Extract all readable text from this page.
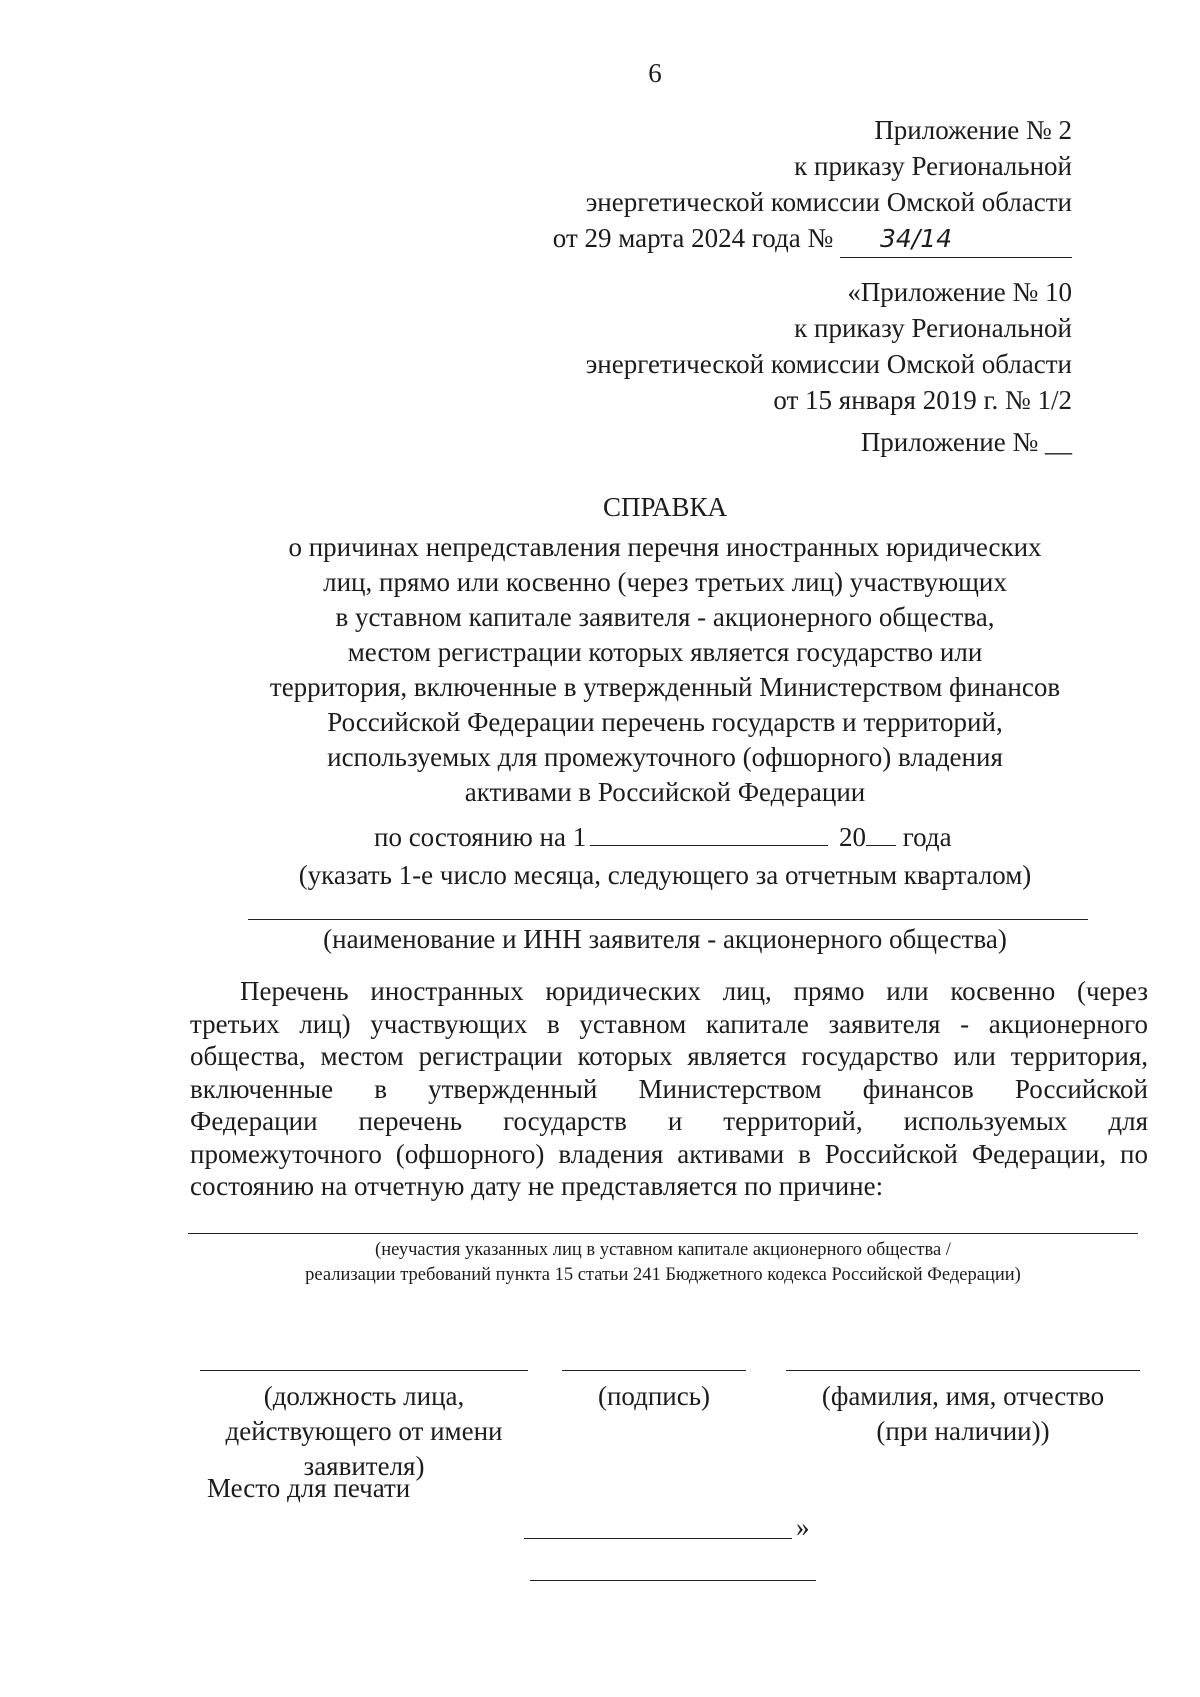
6
Приложение № 2
к приказу Региональной
энергетической комиссии Омской области
от 29 марта 2024 года № 34/14
«Приложение № 10
к приказу Региональной
энергетической комиссии Омской области
от 15 января 2019 г. № 1/2
Приложение № __
СПРАВКА
о причинах непредставления перечня иностранных юридических
лиц, прямо или косвенно (через третьих лиц) участвующих
в уставном капитале заявителя - акционерного общества,
местом регистрации которых является государство или
территория, включенные в утвержденный Министерством финансов
Российской Федерации перечень государств и территорий,
используемых для промежуточного (офшорного) владения
активами в Российской Федерации
по состоянию на 1	20 года
(указать 1-е число месяца, следующего за отчетным кварталом)
(наименование и ИНН заявителя - акционерного общества)
Перечень иностранных юридических лиц, прямо или косвенно (через
третьих лиц) участвующих в уставном капитале заявителя - акционерного
общества, местом регистрации которых является государство или территория,
включенные в утвержденный Министерством финансов Российской
Федерации перечень государств и территорий, используемых для
промежуточного (офшорного) владения активами в Российской Федерации, по
состоянию на отчетную дату не представляется по причине:
(неучастия указанных лиц в уставном капитале акционерного общества /
реализации требований пункта 15 статьи 241 Бюджетного кодекса Российской Федерации)
(должность лица,
действующего от имени
заявителя)
(подпись)	(фамилия, имя, отчество
(при наличии))
Место для печати
»
